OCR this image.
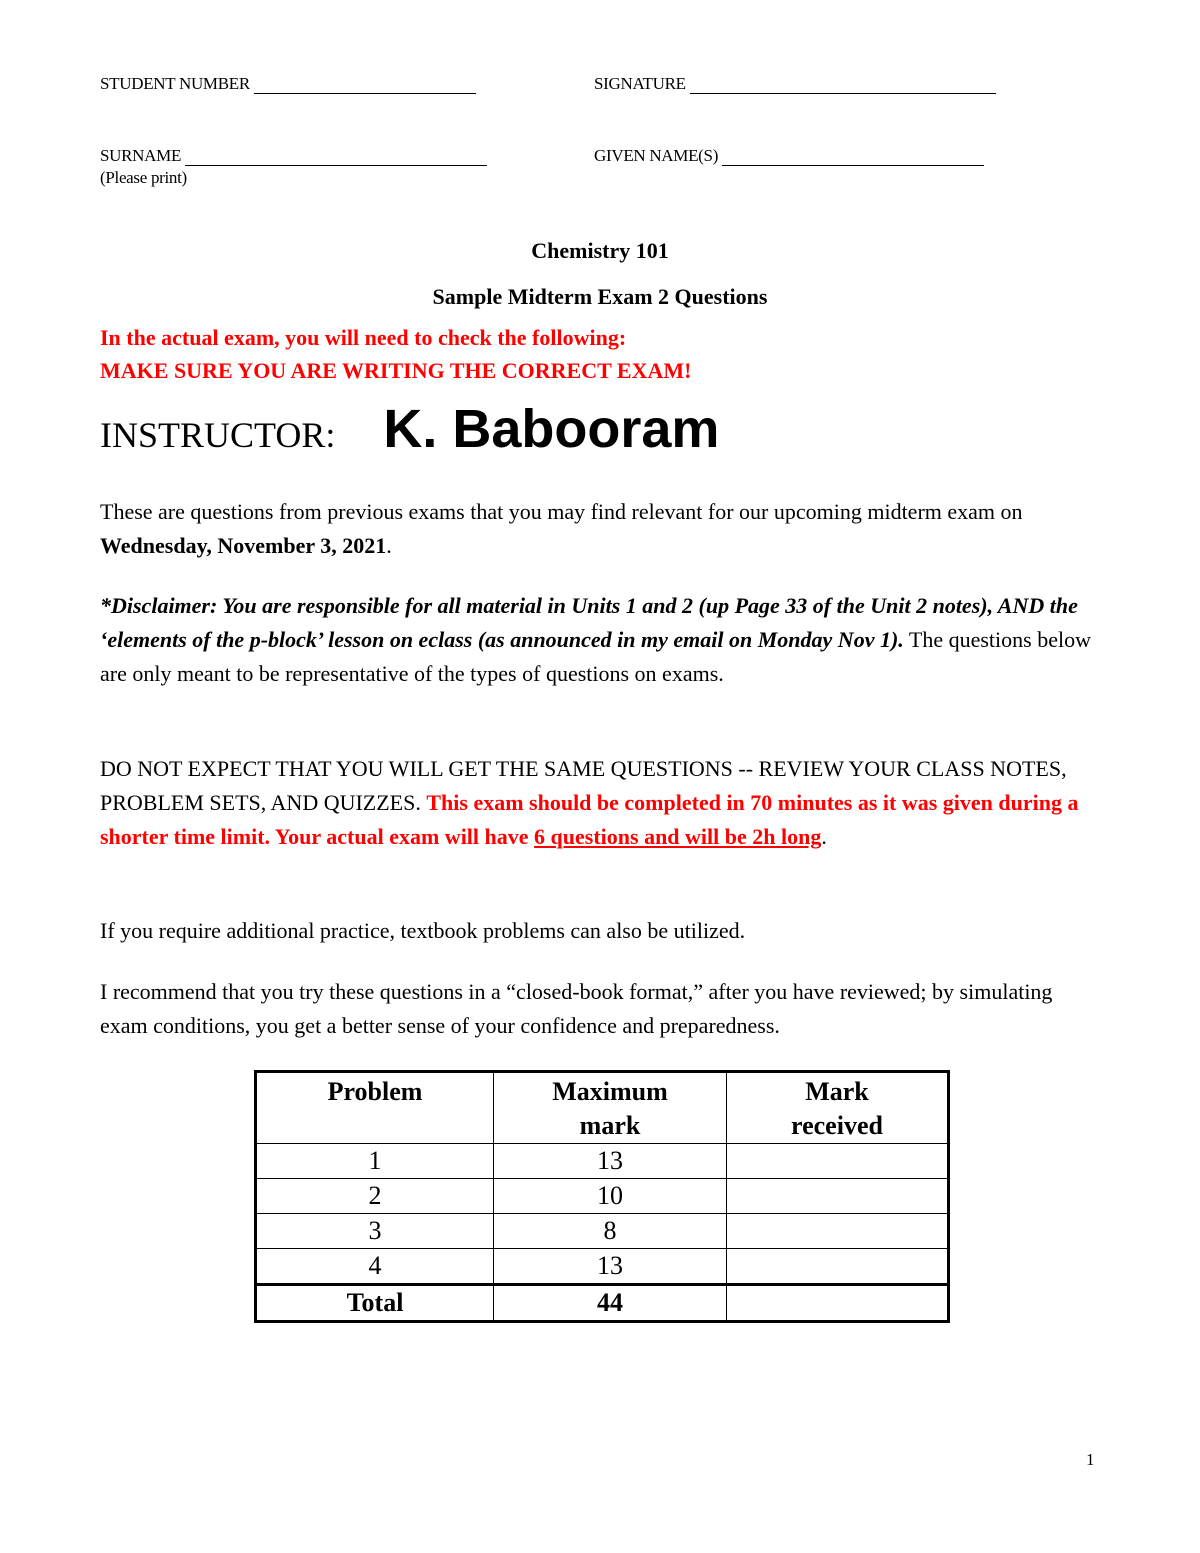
STUDENT NUMBER	SIGNATURE
SURNAME	GIVEN NAME(S)
(Please print)
Chemistry 101
Sample Midterm Exam 2 Questions
In the actual exam, you will need to check the following:
MAKE SURE YOU ARE WRITING THE CORRECT EXAM!
INSTRUCTOR: K. Babooram
These are questions from previous exams that you may find relevant for our upcoming midterm exam on Wednesday, November 3, 2021.
*Disclaimer: You are responsible for all material in Units 1 and 2 (up Page 33 of the Unit 2 notes), AND the ‘elements of the p-block’ lesson on eclass (as announced in my email on Monday Nov 1). The questions below are only meant to be representative of the types of questions on exams.
DO NOT EXPECT THAT YOU WILL GET THE SAME QUESTIONS -- REVIEW YOUR CLASS NOTES, PROBLEM SETS, AND QUIZZES. This exam should be completed in 70 minutes as it was given during a shorter time limit. Your actual exam will have 6 questions and will be 2h long.
If you require additional practice, textbook problems can also be utilized.
I recommend that you try these questions in a “closed-book format,” after you have reviewed; by simulating exam conditions, you get a better sense of your confidence and preparedness.
Problem	Maximum mark	Mark received
1	13	
2	10	
3	8	
4	13	
Total	44	
1
